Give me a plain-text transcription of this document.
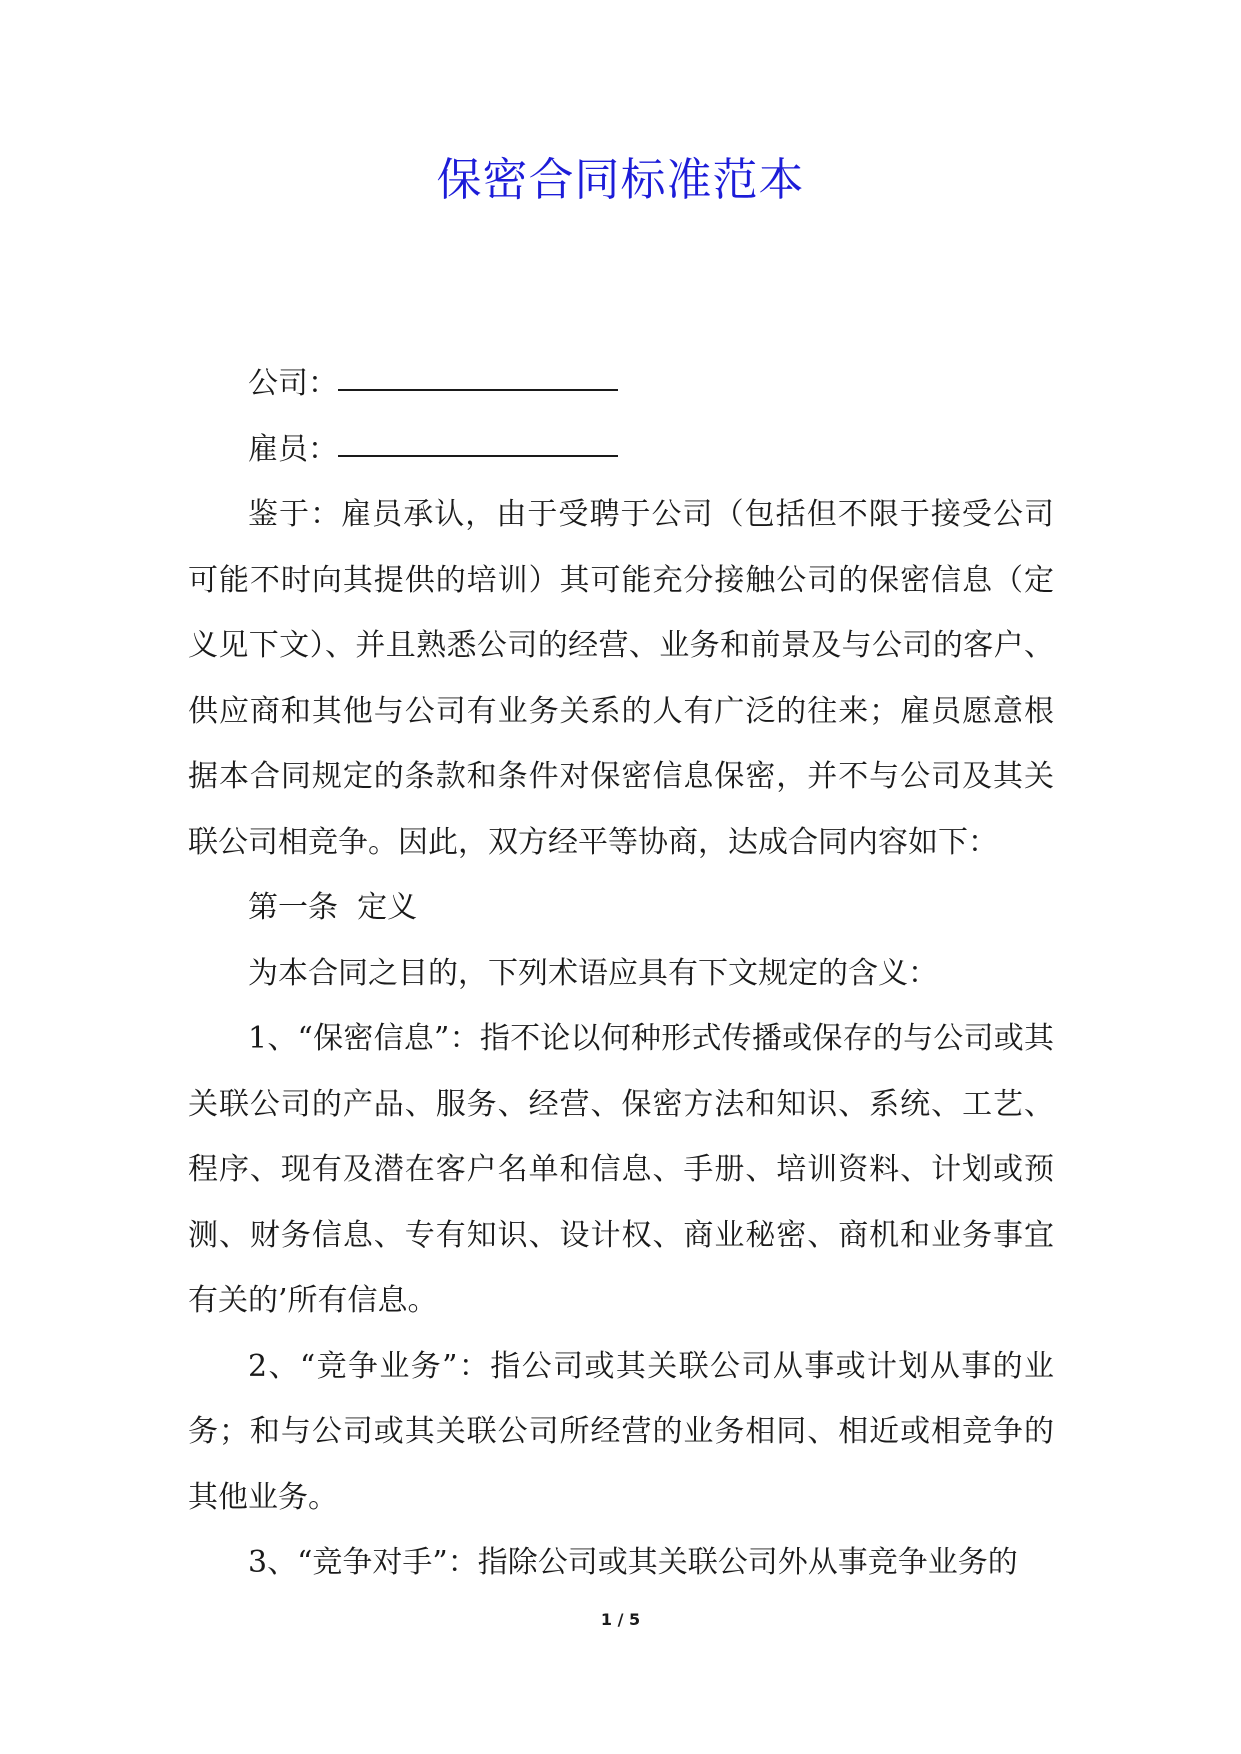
保密合同标准范本

公司：

雇员：

鉴于：雇员承认，由于受聘于公司（包括但不限于接受公司可能不时向其提供的培训）其可能充分接触公司的保密信息（定义见下文）、并且熟悉公司的经营、业务和前景及与公司的客户、供应商和其他与公司有业务关系的人有广泛的往来；雇员愿意根据本合同规定的条款和条件对保密信息保密，并不与公司及其关联公司相竞争。因此，双方经平等协商，达成合同内容如下：

第一条  定义

为本合同之目的，下列术语应具有下文规定的含义：

1、“保密信息”：指不论以何种形式传播或保存的与公司或其关联公司的产品、服务、经营、保密方法和知识、系统、工艺、程序、现有及潜在客户名单和信息、手册、培训资料、计划或预测、财务信息、专有知识、设计权、商业秘密、商机和业务事宜有关的’所有信息。

2、“竞争业务”：指公司或其关联公司从事或计划从事的业务；和与公司或其关联公司所经营的业务相同、相近或相竞争的其他业务。

3、“竞争对手”：指除公司或其关联公司外从事竞争业务的

1 / 5
